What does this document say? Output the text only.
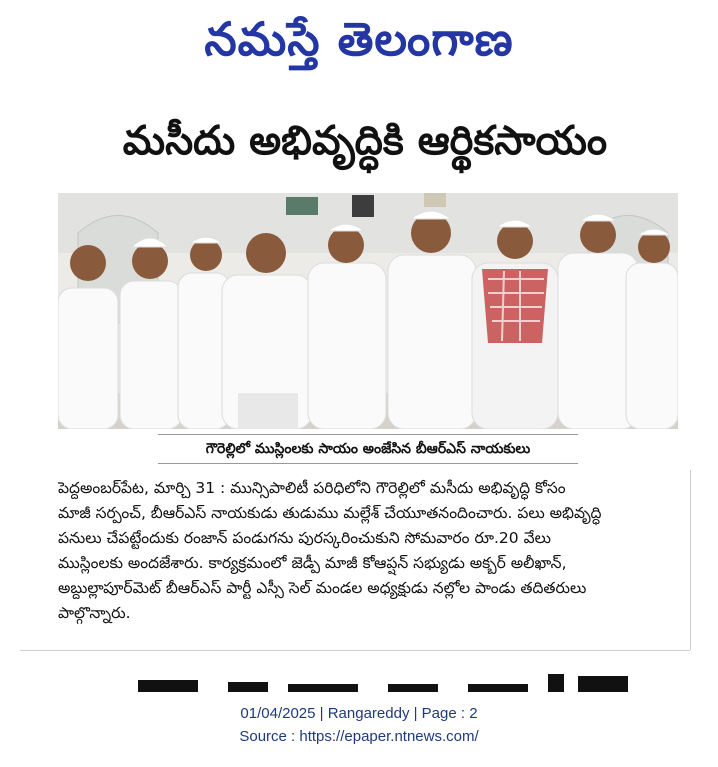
నమస్తే తెలంగాణ
మసీదు అభివృద్ధికి ఆర్థికసాయం
గౌరెల్లిలో ముస్లింలకు సాయం అంజేసిన బీఆర్ఎస్ నాయకులు
పెద్దఅంబర్‌పేట, మార్చి 31 : మున్సిపాలిటీ పరిధిలోని గౌరెల్లిలో మసీదు అభివృద్ధి కోసం
మాజీ సర్పంచ్, బీఆర్ఎస్ నాయకుడు తుడుము మల్లేశ్ చేయూతనందించారు. పలు అభివృద్ధి
పనులు చేపట్టేందుకు రంజాన్ పండుగను పురస్కరించుకుని సోమవారం రూ.20 వేలు
ముస్లింలకు అందజేశారు. కార్యక్రమంలో జెడ్పీ మాజీ కోఆప్షన్ సభ్యుడు అక్బర్ అలీఖాన్,
అబ్దుల్లాపూర్‌మెట్ బీఆర్ఎస్ పార్టీ ఎస్సీ సెల్ మండల అధ్యక్షుడు నల్లోల పాండు తదితరులు
పాల్గొన్నారు.
01/04/2025 | Rangareddy | Page : 2
Source : https://epaper.ntnews.com/
